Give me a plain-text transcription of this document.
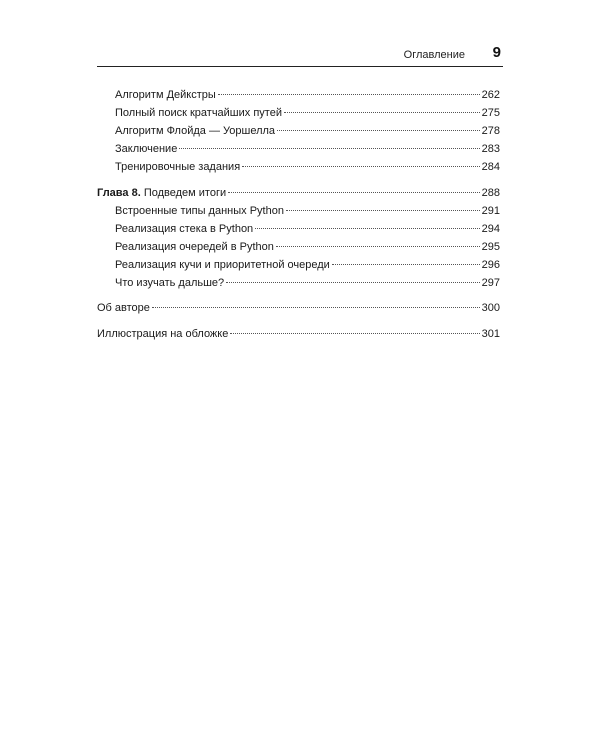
Оглавление 9
Алгоритм Дейкстры	262
Полный поиск кратчайших путей	275
Алгоритм Флойда — Уоршелла	278
Заключение	283
Тренировочные задания	284
Глава 8. Подведем итоги	288
Встроенные типы данных Python	291
Реализация стека в Python	294
Реализация очередей в Python	295
Реализация кучи и приоритетной очереди	296
Что изучать дальше?	297
Об авторе	300
Иллюстрация на обложке	301
